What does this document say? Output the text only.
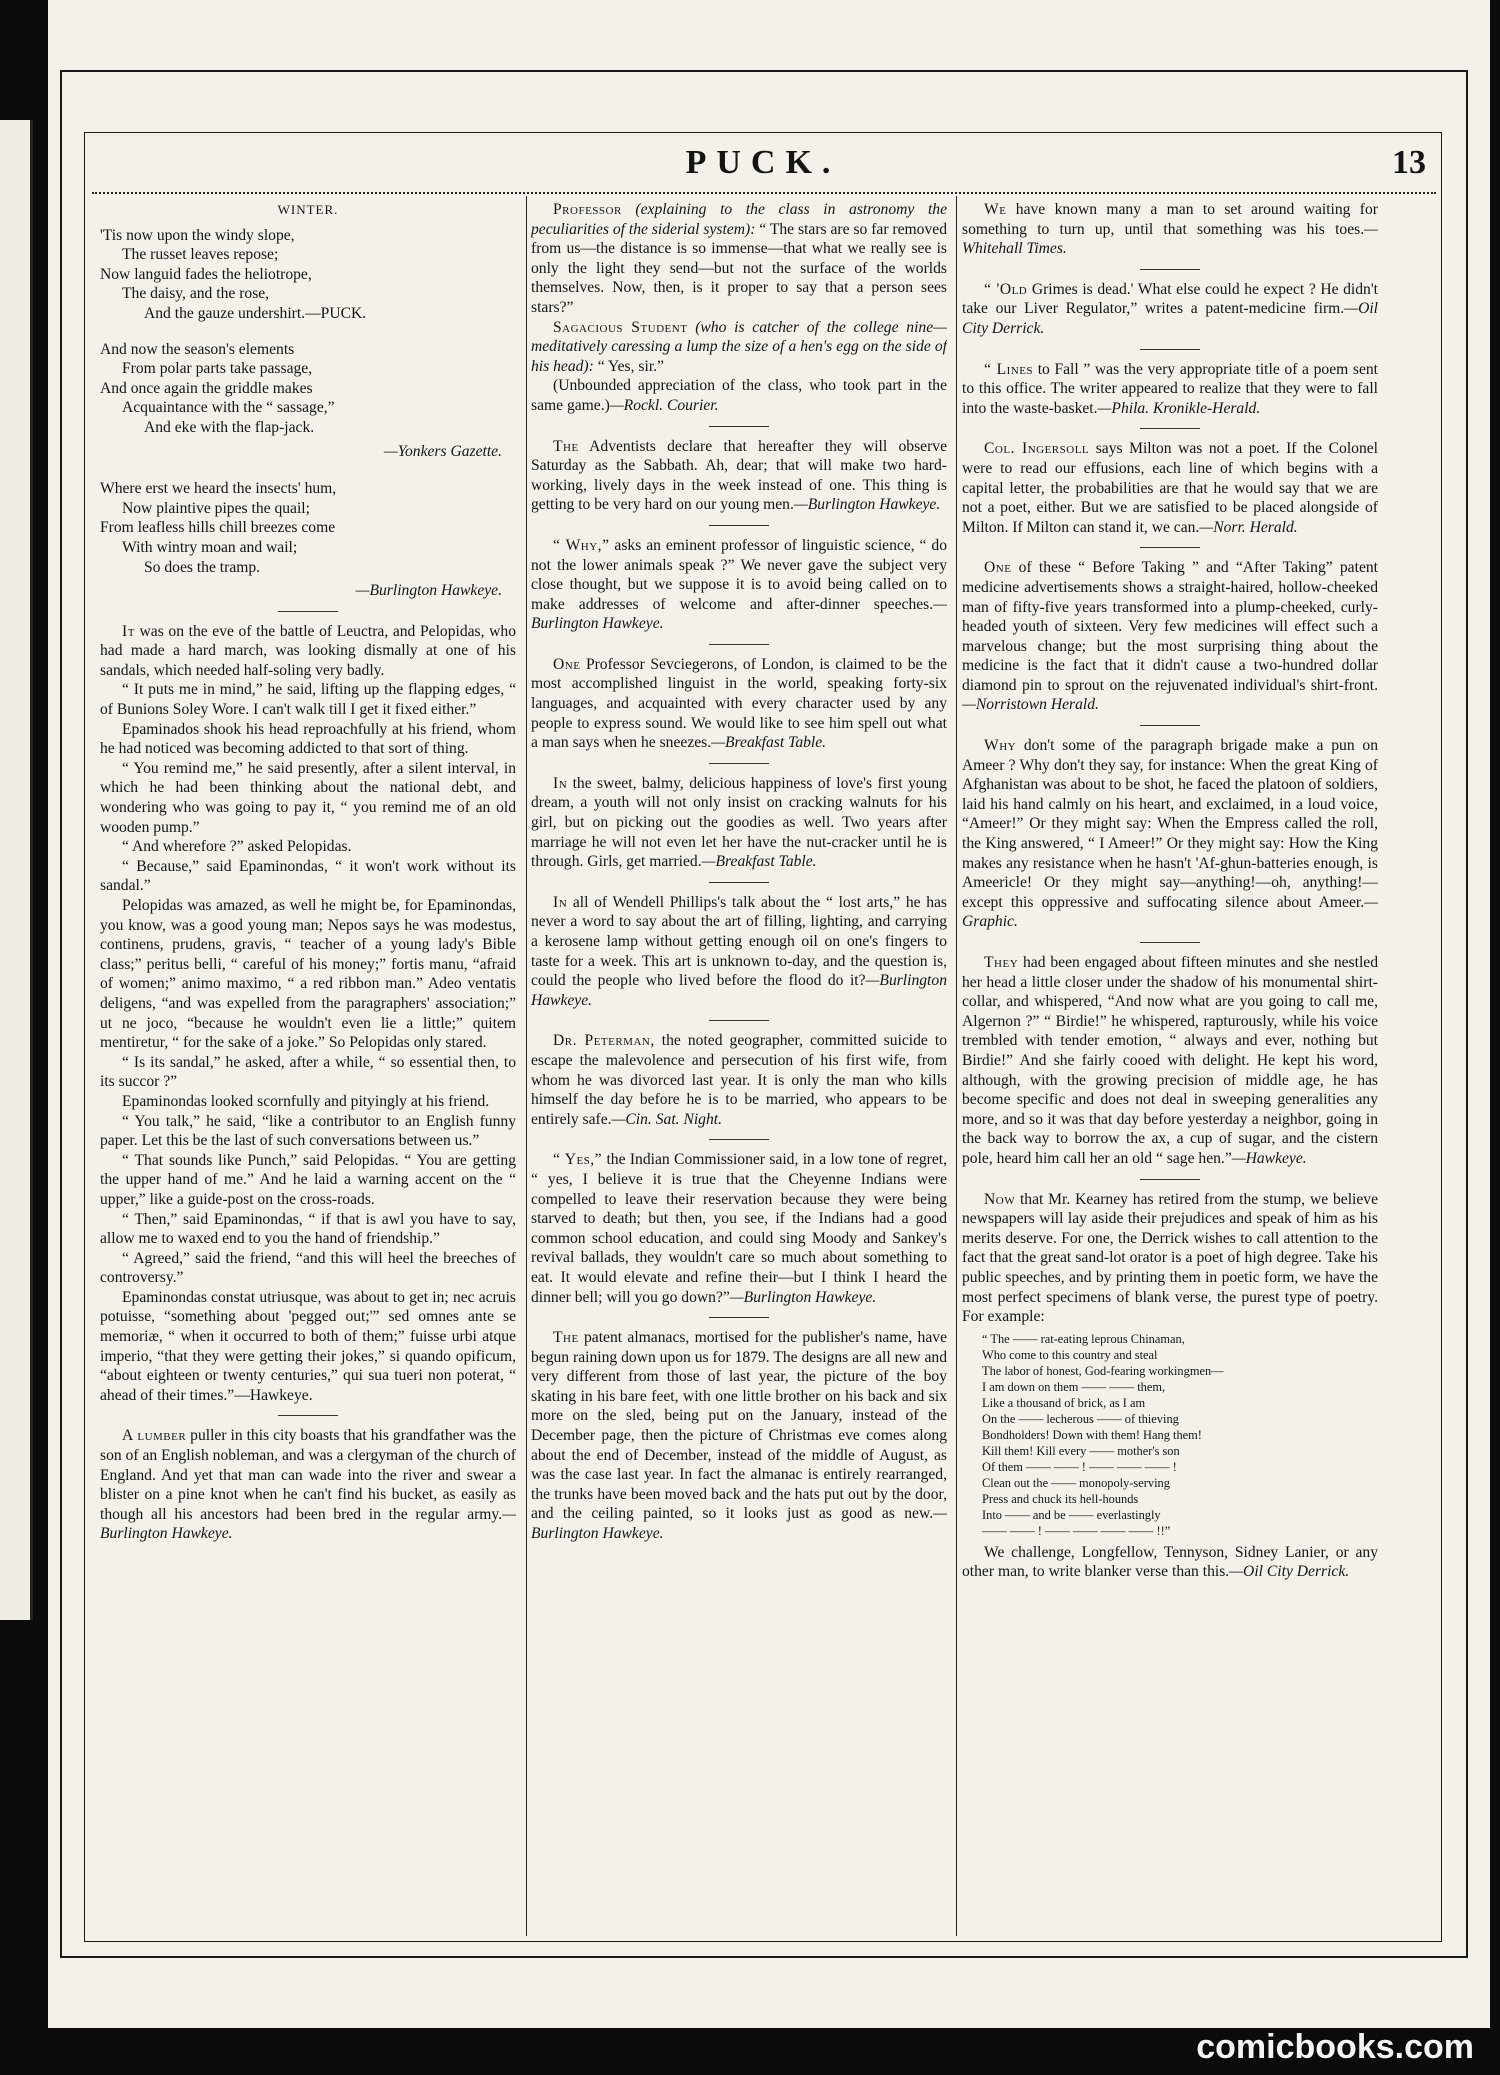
PUCK.	13
WINTER.
'Tis now upon the windy slope,
The russet leaves repose;
Now languid fades the heliotrope,
The daisy, and the rose,
And the gauze undershirt.—PUCK.
And now the season's elements
From polar parts take passage,
And once again the griddle makes
Acquaintance with the “ sassage,”
And eke with the flap-jack.
—Yonkers Gazette.
Where erst we heard the insects' hum,
Now plaintive pipes the quail;
From leafless hills chill breezes come
With wintry moan and wail;
So does the tramp.
—Burlington Hawkeye.

It was on the eve of the battle of Leuctra, and Pelopidas, who had made a hard march, was looking dismally at one of his sandals, which needed half-soling very badly.

“ It puts me in mind,” he said, lifting up the flapping edges, “ of Bunions Soley Wore. I can't walk till I get it fixed either.”

Epaminados shook his head reproachfully at his friend, whom he had noticed was becoming addicted to that sort of thing.

“ You remind me,” he said presently, after a silent interval, in which he had been thinking about the national debt, and wondering who was going to pay it, “ you remind me of an old wooden pump.”

“ And wherefore ?” asked Pelopidas.

“ Because,” said Epaminondas, “ it won't work without its sandal.”

Pelopidas was amazed, as well he might be, for Epaminondas, you know, was a good young man; Nepos says he was modestus, continens, prudens, gravis, “ teacher of a young lady's Bible class;” peritus belli, “ careful of his money;” fortis manu, “afraid of women;” animo maximo, “ a red ribbon man.” Adeo ventatis deligens, “and was expelled from the paragraphers' association;” ut ne joco, “because he wouldn't even lie a little;” quitem mentiretur, “ for the sake of a joke.” So Pelopidas only stared.

“ Is its sandal,” he asked, after a while, “ so essential then, to its succor ?”

Epaminondas looked scornfully and pityingly at his friend.

“ You talk,” he said, “like a contributor to an English funny paper. Let this be the last of such conversations between us.”

“ That sounds like Punch,” said Pelopidas. “ You are getting the upper hand of me.” And he laid a warning accent on the “ upper,” like a guide-post on the cross-roads.

“ Then,” said Epaminondas, “ if that is awl you have to say, allow me to waxed end to you the hand of friendship.”

“ Agreed,” said the friend, “and this will heel the breeches of controversy.”

Epaminondas constat utriusque, was about to get in; nec acruis potuisse, “something about 'pegged out;'” sed omnes ante se memoriæ, “ when it occurred to both of them;” fuisse urbi atque imperio, “that they were getting their jokes,” si quando opificum, “about eighteen or twenty centuries,” qui sua tueri non poterat, “ ahead of their times.”—Hawkeye.

A lumber puller in this city boasts that his grandfather was the son of an English nobleman, and was a clergyman of the church of England. And yet that man can wade into the river and swear a blister on a pine knot when he can't find his bucket, as easily as though all his ancestors had been bred in the regular army.—Burlington Hawkeye.

Professor (explaining to the class in astronomy the peculiarities of the siderial system): “ The stars are so far removed from us—the distance is so immense—that what we really see is only the light they send—but not the surface of the worlds themselves. Now, then, is it proper to say that a person sees stars?”

Sagacious Student (who is catcher of the college nine—meditatively caressing a lump the size of a hen's egg on the side of his head): “ Yes, sir.”

(Unbounded appreciation of the class, who took part in the same game.)—Rockl. Courier.

The Adventists declare that hereafter they will observe Saturday as the Sabbath. Ah, dear; that will make two hard-working, lively days in the week instead of one. This thing is getting to be very hard on our young men.—Burlington Hawkeye.

“ Why,” asks an eminent professor of linguistic science, “ do not the lower animals speak ?” We never gave the subject very close thought, but we suppose it is to avoid being called on to make addresses of welcome and after-dinner speeches.—Burlington Hawkeye.

One Professor Sevciegerons, of London, is claimed to be the most accomplished linguist in the world, speaking forty-six languages, and acquainted with every character used by any people to express sound. We would like to see him spell out what a man says when he sneezes.—Breakfast Table.

In the sweet, balmy, delicious happiness of love's first young dream, a youth will not only insist on cracking walnuts for his girl, but on picking out the goodies as well. Two years after marriage he will not even let her have the nut-cracker until he is through. Girls, get married.—Breakfast Table.

In all of Wendell Phillips's talk about the “ lost arts,” he has never a word to say about the art of filling, lighting, and carrying a kerosene lamp without getting enough oil on one's fingers to taste for a week. This art is unknown to-day, and the question is, could the people who lived before the flood do it?—Burlington Hawkeye.

Dr. Peterman, the noted geographer, committed suicide to escape the malevolence and persecution of his first wife, from whom he was divorced last year. It is only the man who kills himself the day before he is to be married, who appears to be entirely safe.—Cin. Sat. Night.

“ Yes,” the Indian Commissioner said, in a low tone of regret, “ yes, I believe it is true that the Cheyenne Indians were compelled to leave their reservation because they were being starved to death; but then, you see, if the Indians had a good common school education, and could sing Moody and Sankey's revival ballads, they wouldn't care so much about something to eat. It would elevate and refine their—but I think I heard the dinner bell; will you go down?”—Burlington Hawkeye.

The patent almanacs, mortised for the publisher's name, have begun raining down upon us for 1879. The designs are all new and very different from those of last year, the picture of the boy skating in his bare feet, with one little brother on his back and six more on the sled, being put on the January, instead of the December page, then the picture of Christmas eve comes along about the end of December, instead of the middle of August, as was the case last year. In fact the almanac is entirely rearranged, the trunks have been moved back and the hats put out by the door, and the ceiling painted, so it looks just as good as new.—Burlington Hawkeye.

We have known many a man to set around waiting for something to turn up, until that something was his toes.—Whitehall Times.

“ 'Old Grimes is dead.' What else could he expect ? He didn't take our Liver Regulator,” writes a patent-medicine firm.—Oil City Derrick.

“ Lines to Fall ” was the very appropriate title of a poem sent to this office. The writer appeared to realize that they were to fall into the waste-basket.—Phila. Kronikle-Herald.

Col. Ingersoll says Milton was not a poet. If the Colonel were to read our effusions, each line of which begins with a capital letter, the probabilities are that he would say that we are not a poet, either. But we are satisfied to be placed alongside of Milton. If Milton can stand it, we can.—Norr. Herald.

One of these “ Before Taking ” and “After Taking” patent medicine advertisements shows a straight-haired, hollow-cheeked man of fifty-five years transformed into a plump-cheeked, curly-headed youth of sixteen. Very few medicines will effect such a marvelous change; but the most surprising thing about the medicine is the fact that it didn't cause a two-hundred dollar diamond pin to sprout on the rejuvenated individual's shirt-front.—Norristown Herald.

Why don't some of the paragraph brigade make a pun on Ameer ? Why don't they say, for instance: When the great King of Afghanistan was about to be shot, he faced the platoon of soldiers, laid his hand calmly on his heart, and exclaimed, in a loud voice, “Ameer!” Or they might say: When the Empress called the roll, the King answered, “ I Ameer!” Or they might say: How the King makes any resistance when he hasn't 'Af-ghun-batteries enough, is Ameericle! Or they might say—anything!—oh, anything!—except this oppressive and suffocating silence about Ameer.—Graphic.

They had been engaged about fifteen minutes and she nestled her head a little closer under the shadow of his monumental shirt-collar, and whispered, “And now what are you going to call me, Algernon ?” “ Birdie!” he whispered, rapturously, while his voice trembled with tender emotion, “ always and ever, nothing but Birdie!” And she fairly cooed with delight. He kept his word, although, with the growing precision of middle age, he has become specific and does not deal in sweeping generalities any more, and so it was that day before yesterday a neighbor, going in the back way to borrow the ax, a cup of sugar, and the cistern pole, heard him call her an old “ sage hen.”—Hawkeye.

Now that Mr. Kearney has retired from the stump, we believe newspapers will lay aside their prejudices and speak of him as his merits deserve. For one, the Derrick wishes to call attention to the fact that the great sand-lot orator is a poet of high degree. Take his public speeches, and by printing them in poetic form, we have the most perfect specimens of blank verse, the purest type of poetry. For example:

“ The —— rat-eating leprous Chinaman,
Who come to this country and steal
The labor of honest, God-fearing workingmen—
I am down on them —— —— them,
Like a thousand of brick, as I am
On the —— lecherous —— of thieving
Bondholders! Down with them! Hang them!
Kill them! Kill every —— mother's son
Of them —— —— ! —— —— —— !
Clean out the —— monopoly-serving
Press and chuck its hell-hounds
Into —— and be —— everlastingly
—— —— ! —— —— —— —— !!”

We challenge, Longfellow, Tennyson, Sidney Lanier, or any other man, to write blanker verse than this.—Oil City Derrick.

comicbooks.com
